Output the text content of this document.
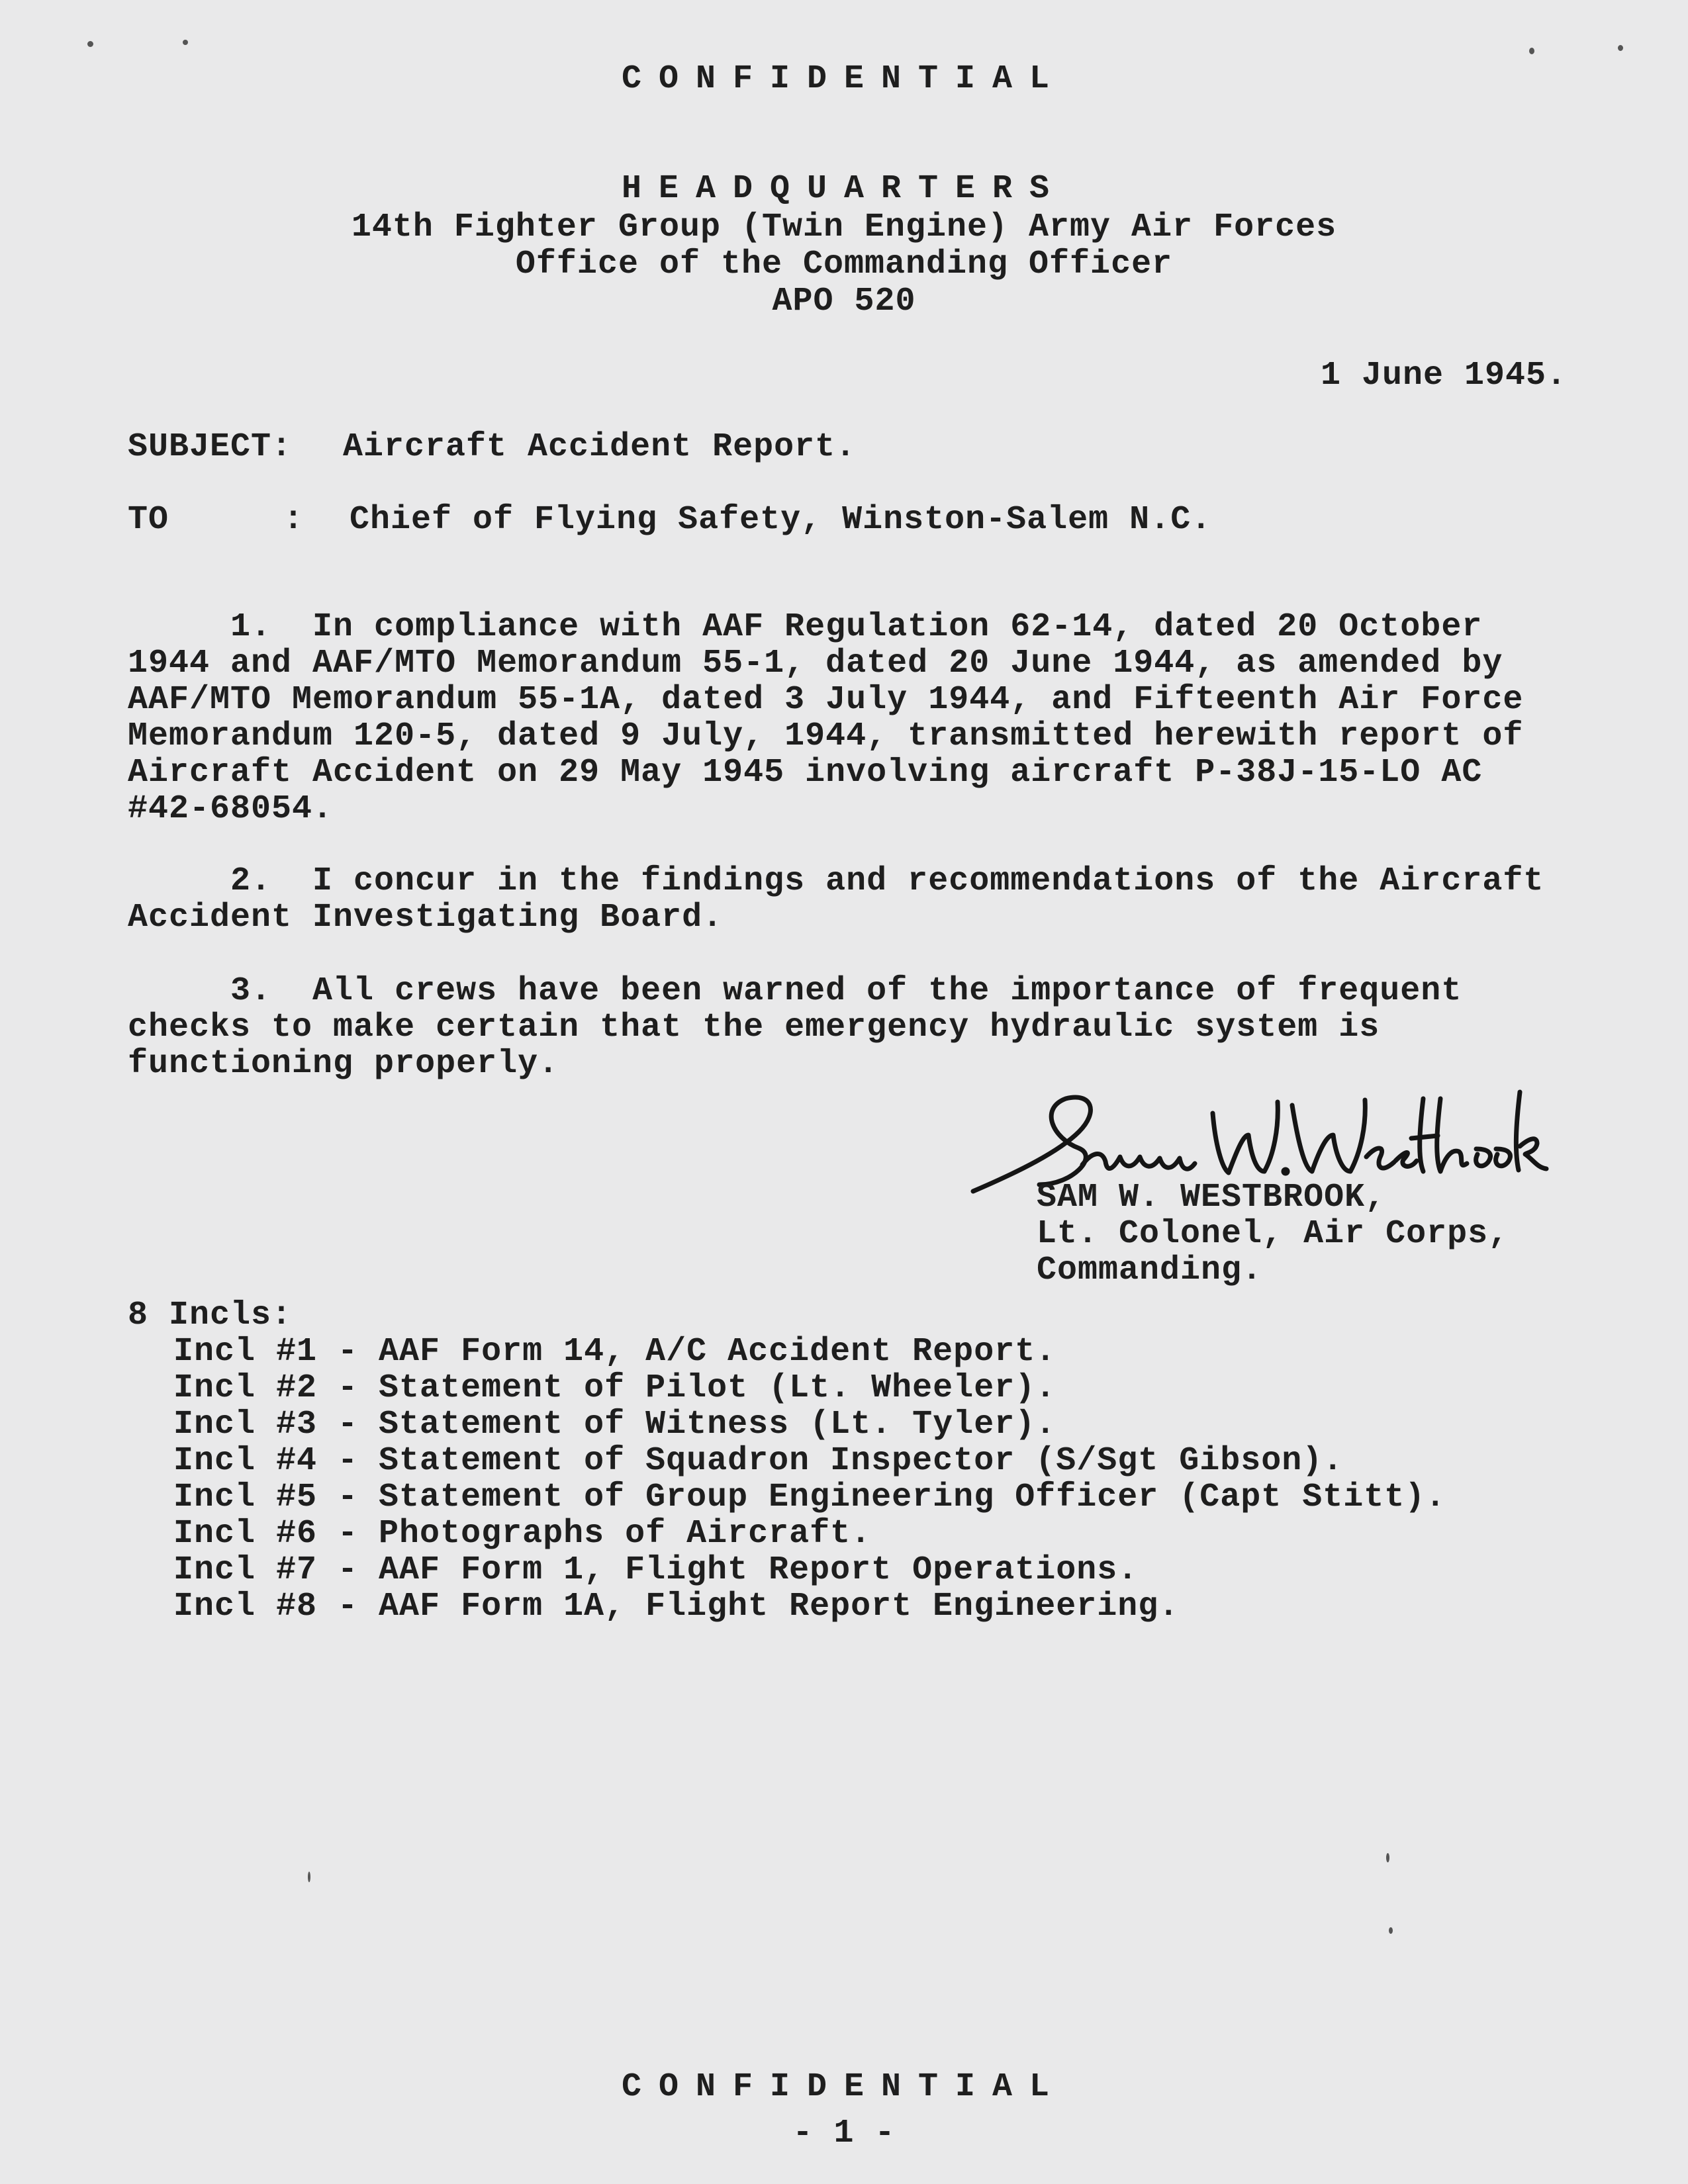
CONFIDENTIAL
HEADQUARTERS
14th Fighter Group (Twin Engine) Army Air Forces
Office of the Commanding Officer
APO 520
1 June 1945.
SUBJECT: Aircraft Accident Report.
TO	: Chief of Flying Safety, Winston-Salem N.C.
1.  In compliance with AAF Regulation 62-14, dated 20 October
1944 and AAF/MTO Memorandum 55-1, dated 20 June 1944, as amended by
AAF/MTO Memorandum 55-1A, dated 3 July 1944, and Fifteenth Air Force
Memorandum 120-5, dated 9 July, 1944, transmitted herewith report of
Aircraft Accident on 29 May 1945 involving aircraft P-38J-15-LO AC
#42-68054.
2.  I concur in the findings and recommendations of the Aircraft
Accident Investigating Board.
3.  All crews have been warned of the importance of frequent
checks to make certain that the emergency hydraulic system is
functioning properly.
SAM W. WESTBROOK,
Lt. Colonel, Air Corps,
Commanding.
8 Incls:
Incl #1 - AAF Form 14, A/C Accident Report.
Incl #2 - Statement of Pilot (Lt. Wheeler).
Incl #3 - Statement of Witness (Lt. Tyler).
Incl #4 - Statement of Squadron Inspector (S/Sgt Gibson).
Incl #5 - Statement of Group Engineering Officer (Capt Stitt).
Incl #6 - Photographs of Aircraft.
Incl #7 - AAF Form 1, Flight Report Operations.
Incl #8 - AAF Form 1A, Flight Report Engineering.
CONFIDENTIAL
- 1 -
